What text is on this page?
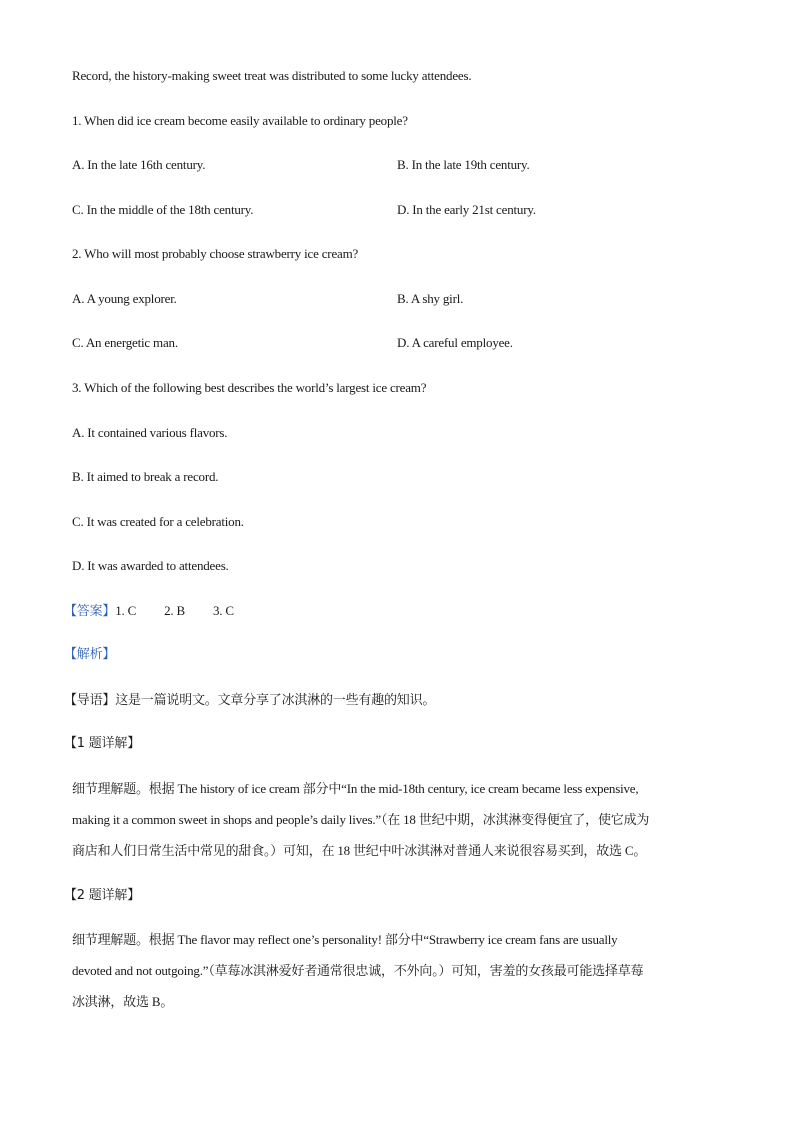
Record, the history-making sweet treat was distributed to some lucky attendees.
1. When did ice cream become easily available to ordinary people?
A. In the late 16th century.	B. In the late 19th century.
C. In the middle of the 18th century.	D. In the early 21st century.
2. Who will most probably choose strawberry ice cream?
A. A young explorer.	B. A shy girl.
C. An energetic man.	D. A careful employee.
3. Which of the following best describes the world’s largest ice cream?
A. It contained various flavors.
B. It aimed to break a record.
C. It was created for a celebration.
D. It was awarded to attendees.
【答案】1. C 2. B 3. C
【解析】
【导语】这是一篇说明文。文章分享了冰淇淋的一些有趣的知识。
【1 题详解】
细节理解题。根据 The history of ice cream 部分中“In the mid-18th century, ice cream became less expensive,
making it a common sweet in shops and people’s daily lives.”（在 18 世纪中期，冰淇淋变得便宜了，使它成为
商店和人们日常生活中常见的甜食。）可知，在 18 世纪中叶冰淇淋对普通人来说很容易买到，故选 C。
【2 题详解】
细节理解题。根据 The flavor may reflect one’s personality! 部分中“Strawberry ice cream fans are usually
devoted and not outgoing.”（草莓冰淇淋爱好者通常很忠诚，不外向。）可知，害羞的女孩最可能选择草莓
冰淇淋，故选 B。
